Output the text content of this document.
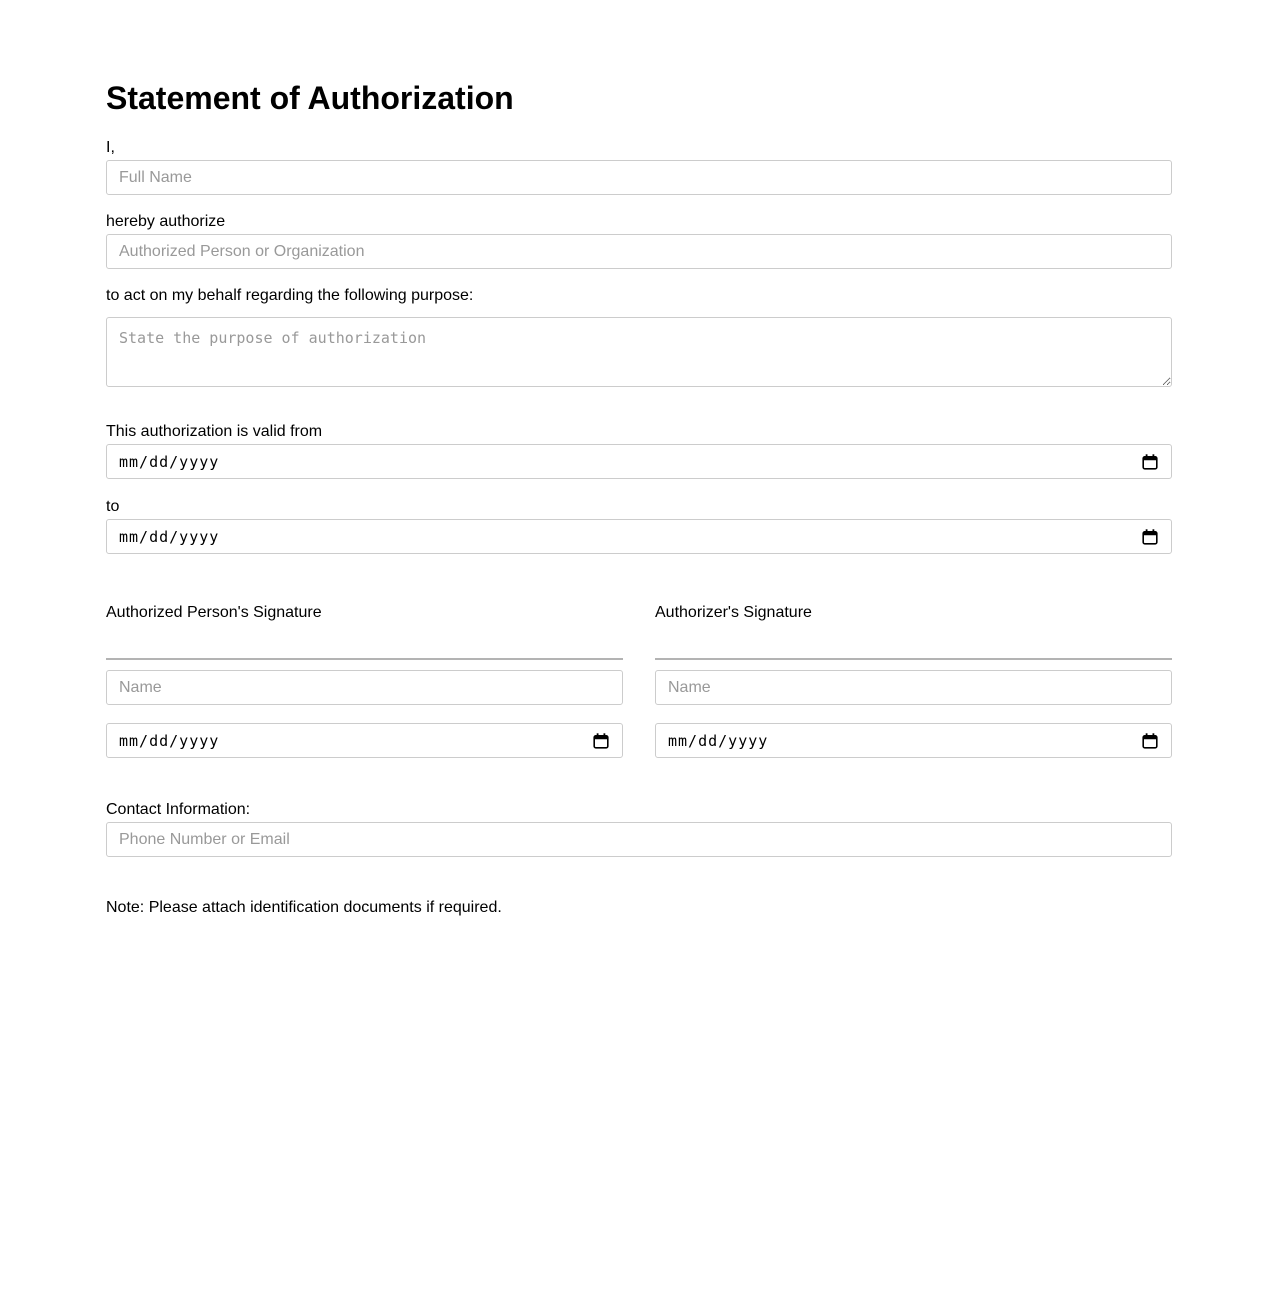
Statement of Authorization
I,
Full Name
hereby authorize
Authorized Person or Organization
to act on my behalf regarding the following purpose:
State the purpose of authorization
This authorization is valid from
mm/dd/yyyy
to
mm/dd/yyyy
Authorized Person's Signature
Name
mm/dd/yyyy
Authorizer's Signature
Name
mm/dd/yyyy
Contact Information:
Phone Number or Email

Note: Please attach identification documents if required.
